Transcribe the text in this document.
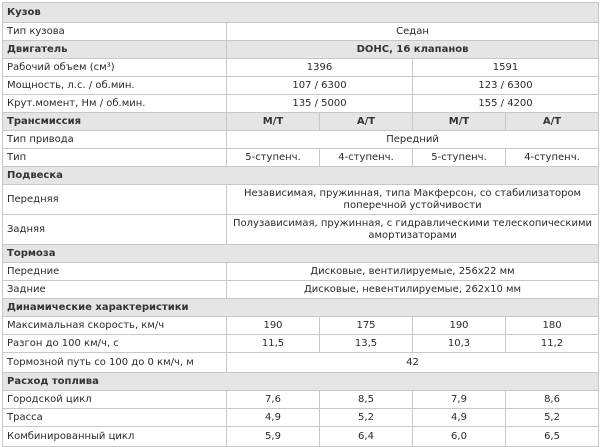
Кузов				
Тип кузова	Седан			
Двигатель	DOHC, 16 клапанов			
Рабочий объем (см³)	1396		1591	
Мощность, л.с. / об.мин.	107 / 6300		123 / 6300	
Крут.момент, Нм / об.мин.	135 / 5000		155 / 4200	
Трансмиссия	M/T	A/T	M/T	A/T
Тип привода	Передний			
Тип	5-ступенч.	4-ступенч.	5-ступенч.	4-ступенч.
Подвеска				
Передняя	Независимая, пружинная, типа Макферсон, со стабилизатором поперечной устойчивости			
Задняя	Полузависимая, пружинная, с гидравлическими телескопическими амортизаторами			
Тормоза				
Передние	Дисковые, вентилируемые, 256x22 мм			
Задние	Дисковые, невентилируемые, 262x10 мм			
Динамические характеристики				
Максимальная скорость, км/ч	190	175	190	180
Разгон до 100 км/ч, с	11,5	13,5	10,3	11,2
Тормозной путь со 100 до 0 км/ч, м	42			
Расход топлива				
Городской цикл	7,6	8,5	7,9	8,6
Трасса	4,9	5,2	4,9	5,2
Комбинированный цикл	5,9	6,4	6,0	6,5
